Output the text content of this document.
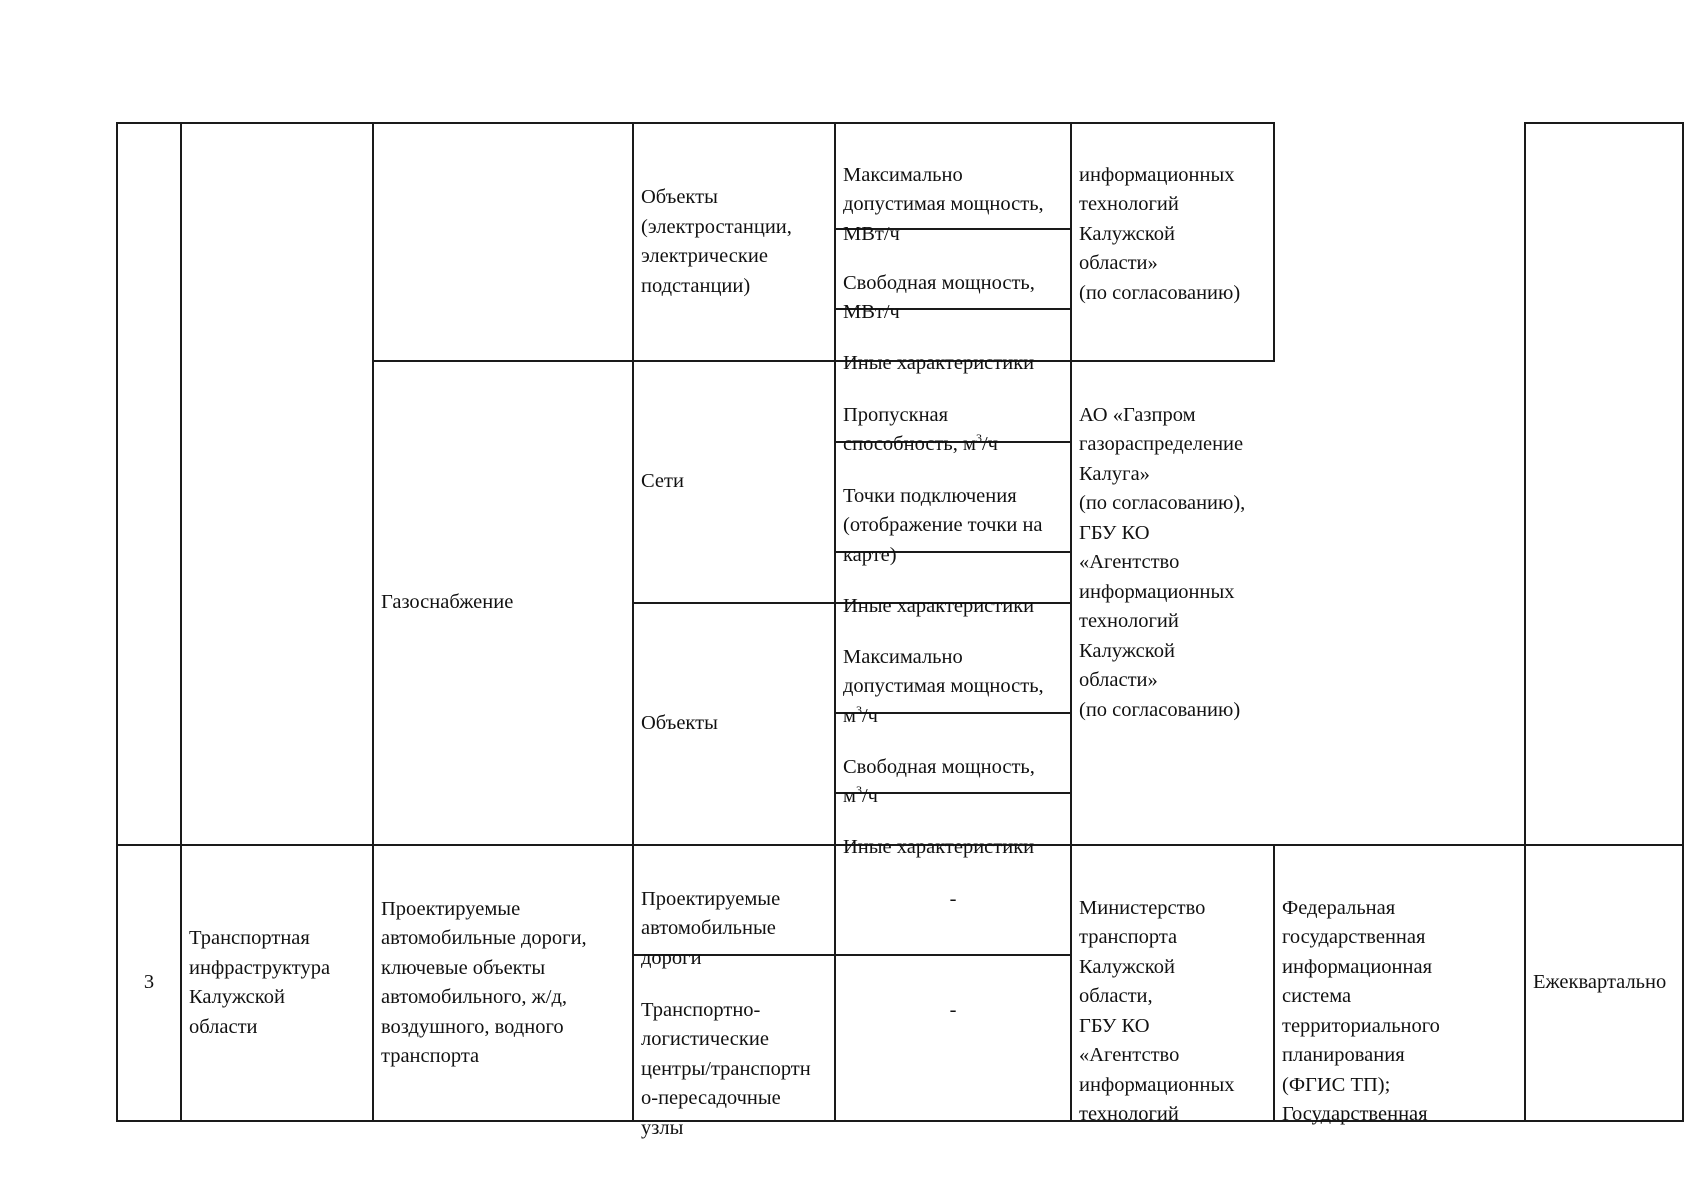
Объекты
(электростанции,
электрические
подстанции)

Максимально
допустимая мощность,
МВт/ч

Свободная мощность,
МВт/ч

Иные характеристики

информационных
технологий
Калужской
области»
(по согласованию)

Газоснабжение
Сети

Пропускная
способность, $м^3/ч$

Точки подключения
(отображение точки на
карте)

Иные характеристики

Объекты

Максимально
допустимая мощность,
$м^3/ч$

Свободная мощность,
$м^3/ч$

Иные характеристики

АО «Газпром
газораспределение
Калуга»
(по согласованию),
ГБУ КО
«Агентство
информационных
технологий
Калужской
области»
(по согласованию)

3
Транспортная
инфраструктура
Калужской
области
Проектируемые
автомобильные дороги,
ключевые объекты
автомобильного, ж/д,
воздушного, водного
транспорта

Проектируемые
автомобильные
дороги

Транспортно-
логистические
центры/транспортн
о-пересадочные
узлы

-

-

Министерство
транспорта
Калужской
области,
ГБУ КО
«Агентство
информационных
технологий

Федеральная
государственная
информационная
система
территориального
планирования
(ФГИС ТП);
Государственная

Ежеквартально
